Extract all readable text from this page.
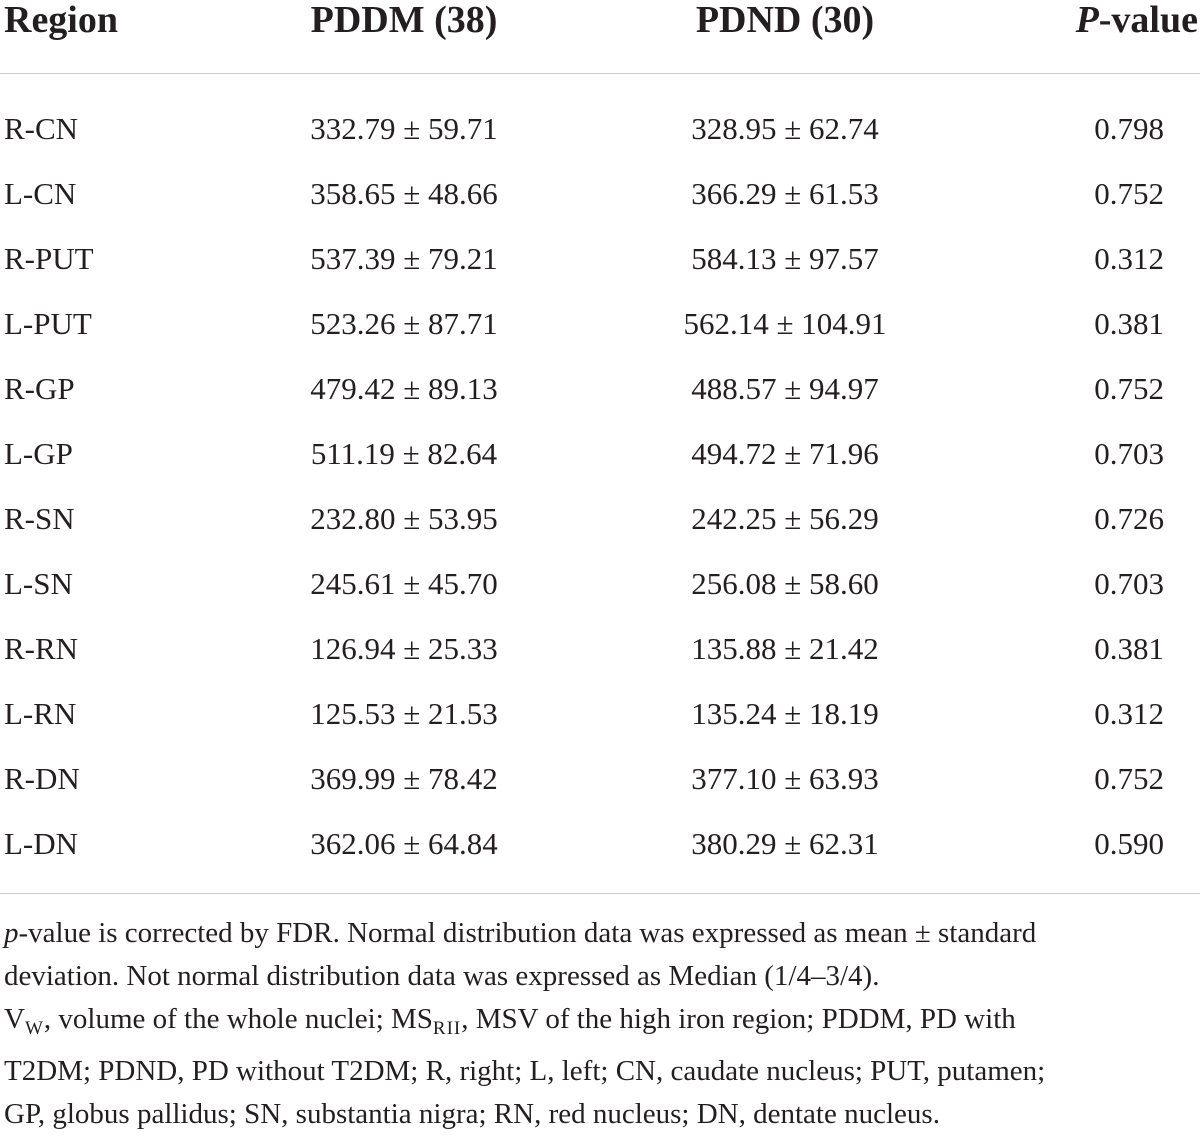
Region	PDDM (38)	PDND (30)	P-value
R-CN	332.79 ± 59.71	328.95 ± 62.74	0.798
L-CN	358.65 ± 48.66	366.29 ± 61.53	0.752
R-PUT	537.39 ± 79.21	584.13 ± 97.57	0.312
L-PUT	523.26 ± 87.71	562.14 ± 104.91	0.381
R-GP	479.42 ± 89.13	488.57 ± 94.97	0.752
L-GP	511.19 ± 82.64	494.72 ± 71.96	0.703
R-SN	232.80 ± 53.95	242.25 ± 56.29	0.726
L-SN	245.61 ± 45.70	256.08 ± 58.60	0.703
R-RN	126.94 ± 25.33	135.88 ± 21.42	0.381
L-RN	125.53 ± 21.53	135.24 ± 18.19	0.312
R-DN	369.99 ± 78.42	377.10 ± 63.93	0.752
L-DN	362.06 ± 64.84	380.29 ± 62.31	0.590

p-value is corrected by FDR. Normal distribution data was expressed as mean ± standard

deviation. Not normal distribution data was expressed as Median (1/4–3/4).

$V_W$, volume of the whole nuclei; $MS_{RII}$, MSV of the high iron region; PDDM, PD with

T2DM; PDND, PD without T2DM; R, right; L, left; CN, caudate nucleus; PUT, putamen;

GP, globus pallidus; SN, substantia nigra; RN, red nucleus; DN, dentate nucleus.
